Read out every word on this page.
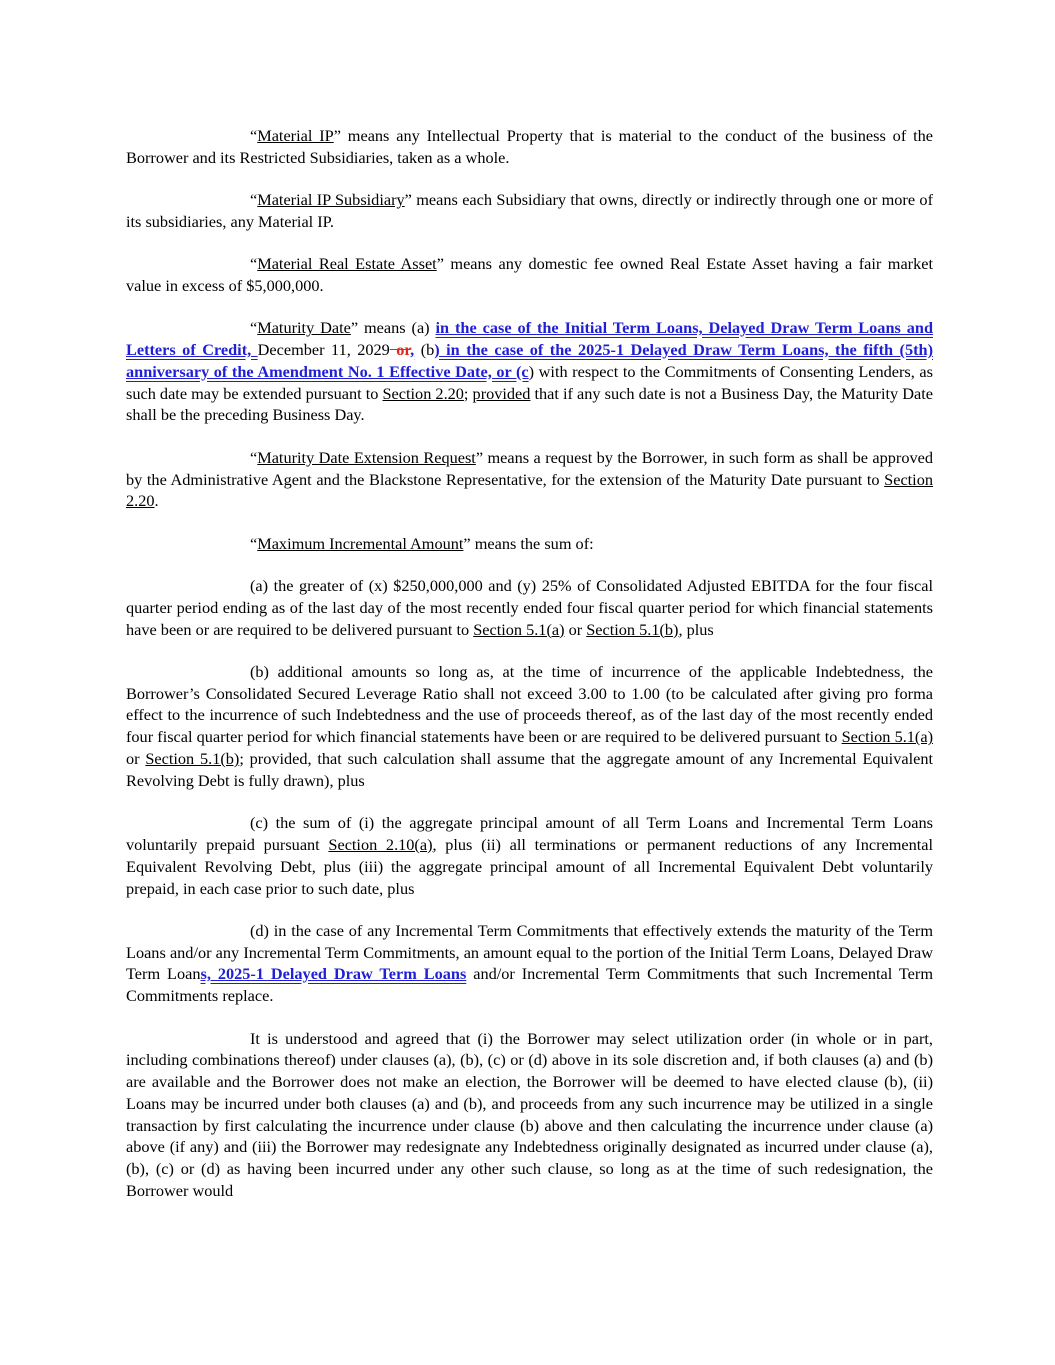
“Material IP” means any Intellectual Property that is material to the conduct of the business of the Borrower and its Restricted Subsidiaries, taken as a whole.

“Material IP Subsidiary” means each Subsidiary that owns, directly or indirectly through one or more of its subsidiaries, any Material IP.

“Material Real Estate Asset” means any domestic fee owned Real Estate Asset having a fair market value in excess of $5,000,000.

“Maturity Date” means (a) in the case of the Initial Term Loans, Delayed Draw Term Loans and Letters of Credit, December 11, 2029 or, (b) in the case of the 2025-1 Delayed Draw Term Loans, the fifth (5th) anniversary of the Amendment No. 1 Effective Date, or (c) with respect to the Commitments of Consenting Lenders, as such date may be extended pursuant to Section 2.20; provided that if any such date is not a Business Day, the Maturity Date shall be the preceding Business Day.

“Maturity Date Extension Request” means a request by the Borrower, in such form as shall be approved by the Administrative Agent and the Blackstone Representative, for the extension of the Maturity Date pursuant to Section 2.20.

“Maximum Incremental Amount” means the sum of:

(a) the greater of (x) $250,000,000 and (y) 25% of Consolidated Adjusted EBITDA for the four fiscal quarter period ending as of the last day of the most recently ended four fiscal quarter period for which financial statements have been or are required to be delivered pursuant to Section 5.1(a) or Section 5.1(b), plus

(b) additional amounts so long as, at the time of incurrence of the applicable Indebtedness, the Borrower’s Consolidated Secured Leverage Ratio shall not exceed 3.00 to 1.00 (to be calculated after giving pro forma effect to the incurrence of such Indebtedness and the use of proceeds thereof, as of the last day of the most recently ended four fiscal quarter period for which financial statements have been or are required to be delivered pursuant to Section 5.1(a) or Section 5.1(b); provided, that such calculation shall assume that the aggregate amount of any Incremental Equivalent Revolving Debt is fully drawn), plus

(c) the sum of (i) the aggregate principal amount of all Term Loans and Incremental Term Loans voluntarily prepaid pursuant Section 2.10(a), plus (ii) all terminations or permanent reductions of any Incremental Equivalent Revolving Debt, plus (iii) the aggregate principal amount of all Incremental Equivalent Debt voluntarily prepaid, in each case prior to such date, plus

(d) in the case of any Incremental Term Commitments that effectively extends the maturity of the Term Loans and/or any Incremental Term Commitments, an amount equal to the portion of the Initial Term Loans, Delayed Draw Term Loans, 2025-1 Delayed Draw Term Loans and/or Incremental Term Commitments that such Incremental Term Commitments replace.

It is understood and agreed that (i) the Borrower may select utilization order (in whole or in part, including combinations thereof) under clauses (a), (b), (c) or (d) above in its sole discretion and, if both clauses (a) and (b) are available and the Borrower does not make an election, the Borrower will be deemed to have elected clause (b), (ii) Loans may be incurred under both clauses (a) and (b), and proceeds from any such incurrence may be utilized in a single transaction by first calculating the incurrence under clause (b) above and then calculating the incurrence under clause (a) above (if any) and (iii) the Borrower may redesignate any Indebtedness originally designated as incurred under clause (a), (b), (c) or (d) as having been incurred under any other such clause, so long as at the time of such redesignation, the Borrower would
